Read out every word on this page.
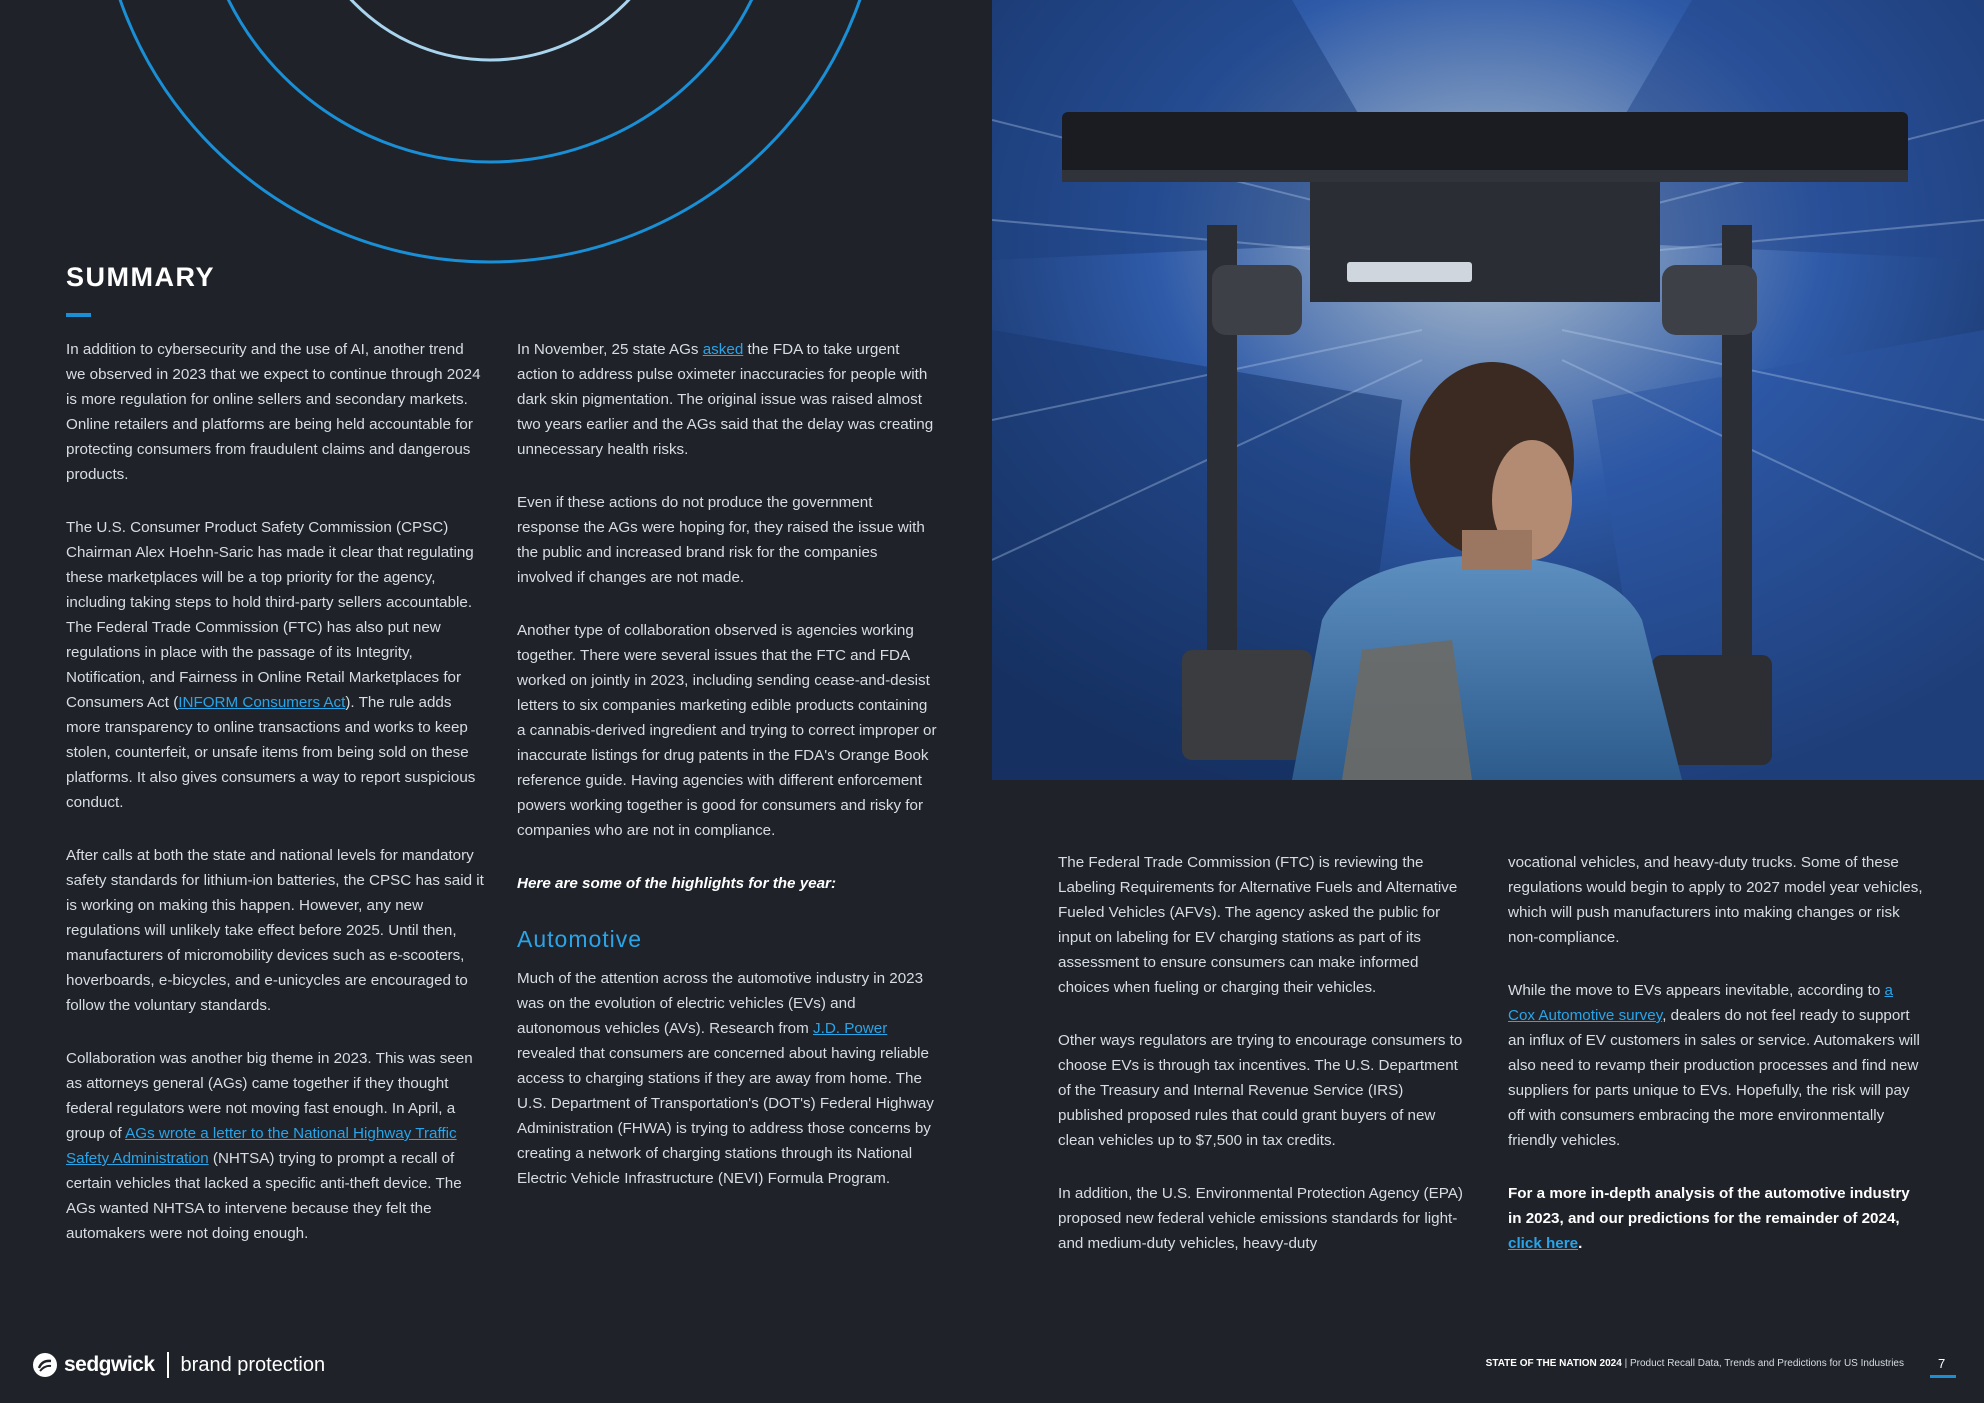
SUMMARY

In addition to cybersecurity and the use of AI, another trend we observed in 2023 that we expect to continue through 2024 is more regulation for online sellers and secondary markets. Online retailers and platforms are being held accountable for protecting consumers from fraudulent claims and dangerous products.

The U.S. Consumer Product Safety Commission (CPSC) Chairman Alex Hoehn-Saric has made it clear that regulating these marketplaces will be a top priority for the agency, including taking steps to hold third-party sellers accountable. The Federal Trade Commission (FTC) has also put new regulations in place with the passage of its Integrity, Notification, and Fairness in Online Retail Marketplaces for Consumers Act (INFORM Consumers Act). The rule adds more transparency to online transactions and works to keep stolen, counterfeit, or unsafe items from being sold on these platforms. It also gives consumers a way to report suspicious conduct.

After calls at both the state and national levels for mandatory safety standards for lithium-ion batteries, the CPSC has said it is working on making this happen. However, any new regulations will unlikely take effect before 2025. Until then, manufacturers of micromobility devices such as e-scooters, hoverboards, e-bicycles, and e-unicycles are encouraged to follow the voluntary standards.

Collaboration was another big theme in 2023. This was seen as attorneys general (AGs) came together if they thought federal regulators were not moving fast enough. In April, a group of AGs wrote a letter to the National Highway Traffic Safety Administration (NHTSA) trying to prompt a recall of certain vehicles that lacked a specific anti-theft device. The AGs wanted NHTSA to intervene because they felt the automakers were not doing enough.

In November, 25 state AGs asked the FDA to take urgent action to address pulse oximeter inaccuracies for people with dark skin pigmentation. The original issue was raised almost two years earlier and the AGs said that the delay was creating unnecessary health risks.

Even if these actions do not produce the government response the AGs were hoping for, they raised the issue with the public and increased brand risk for the companies involved if changes are not made.

Another type of collaboration observed is agencies working together. There were several issues that the FTC and FDA worked on jointly in 2023, including sending cease-and-desist letters to six companies marketing edible products containing a cannabis-derived ingredient and trying to correct improper or inaccurate listings for drug patents in the FDA's Orange Book reference guide. Having agencies with different enforcement powers working together is good for consumers and risky for companies who are not in compliance.

Here are some of the highlights for the year:

Automotive

Much of the attention across the automotive industry in 2023 was on the evolution of electric vehicles (EVs) and autonomous vehicles (AVs). Research from J.D. Power revealed that consumers are concerned about having reliable access to charging stations if they are away from home. The U.S. Department of Transportation's (DOT's) Federal Highway Administration (FHWA) is trying to address those concerns by creating a network of charging stations through its National Electric Vehicle Infrastructure (NEVI) Formula Program.

The Federal Trade Commission (FTC) is reviewing the Labeling Requirements for Alternative Fuels and Alternative Fueled Vehicles (AFVs). The agency asked the public for input on labeling for EV charging stations as part of its assessment to ensure consumers can make informed choices when fueling or charging their vehicles.

Other ways regulators are trying to encourage consumers to choose EVs is through tax incentives. The U.S. Department of the Treasury and Internal Revenue Service (IRS) published proposed rules that could grant buyers of new clean vehicles up to $7,500 in tax credits.

In addition, the U.S. Environmental Protection Agency (EPA) proposed new federal vehicle emissions standards for light- and medium-duty vehicles, heavy-duty

vocational vehicles, and heavy-duty trucks. Some of these regulations would begin to apply to 2027 model year vehicles, which will push manufacturers into making changes or risk non-compliance.

While the move to EVs appears inevitable, according to a Cox Automotive survey, dealers do not feel ready to support an influx of EV customers in sales or service. Automakers will also need to revamp their production processes and find new suppliers for parts unique to EVs. Hopefully, the risk will pay off with consumers embracing the more environmentally friendly vehicles.

For a more in-depth analysis of the automotive industry in 2023, and our predictions for the remainder of 2024, click here.

sedgwick brand protection	STATE OF THE NATION 2024 | Product Recall Data, Trends and Predictions for US Industries	7
